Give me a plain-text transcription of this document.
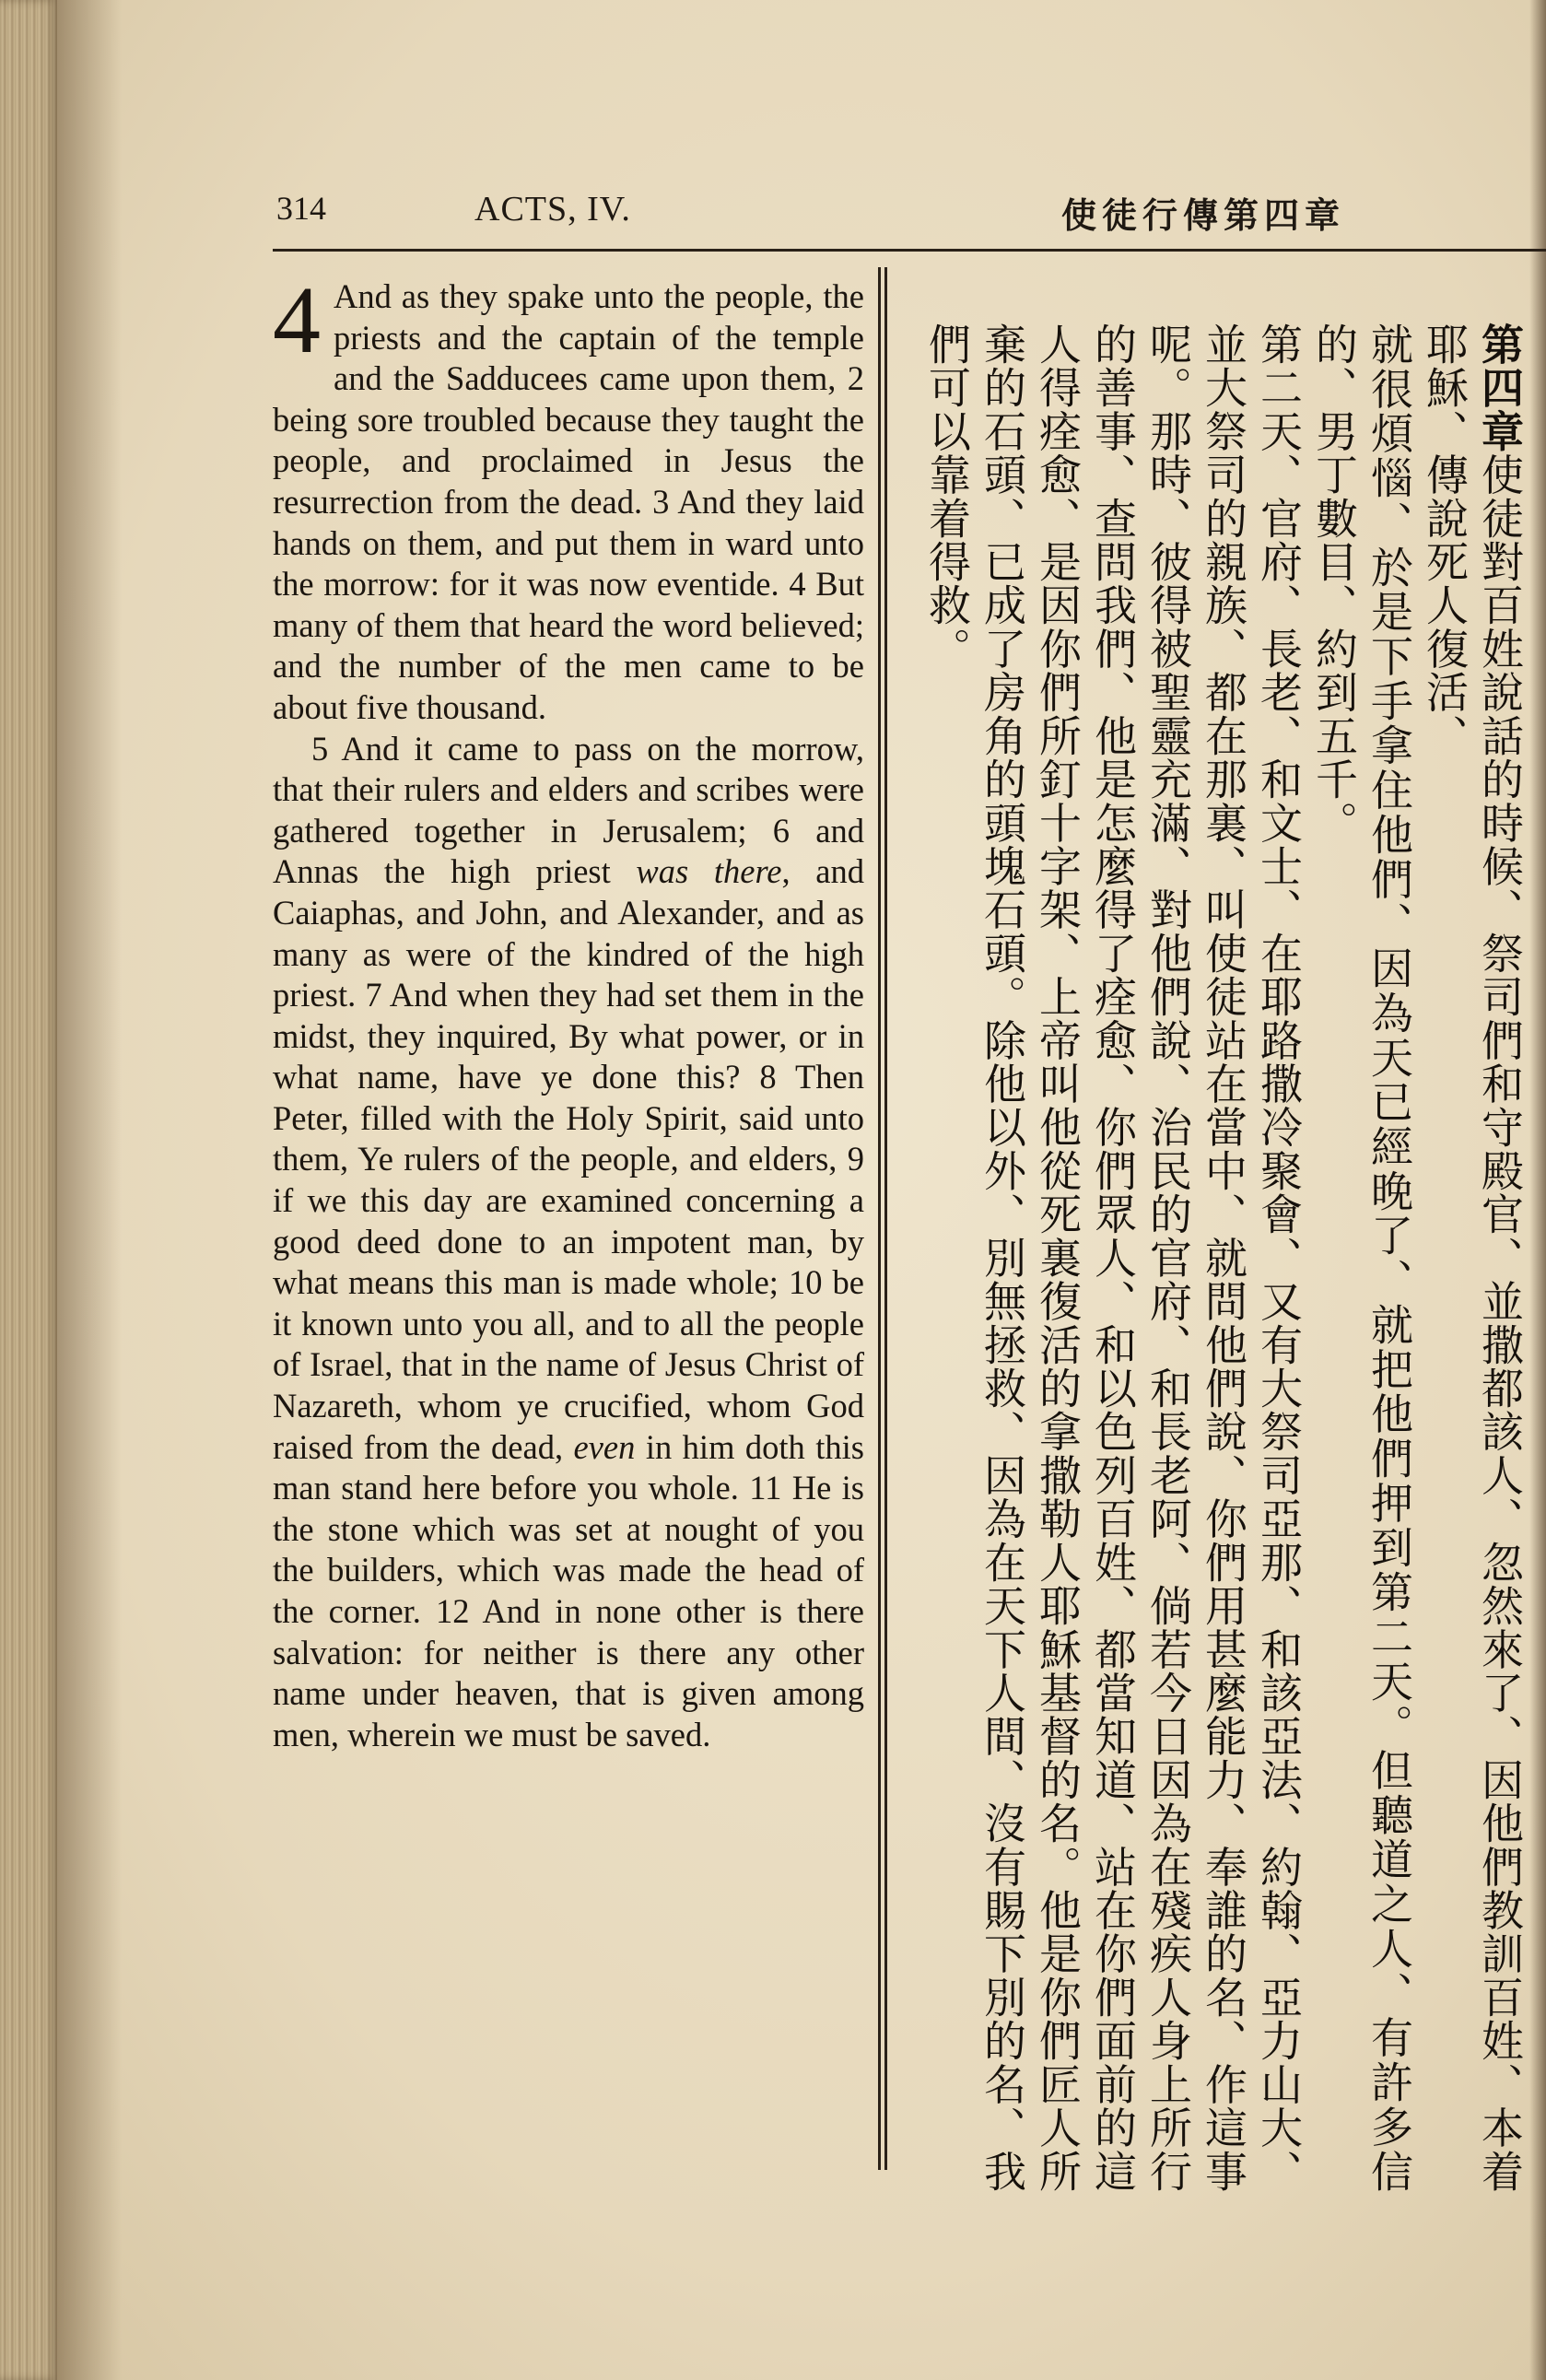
314	ACTS, IV.	使徒行傳第四章

4 And as they spake unto the people, the priests and the captain of the temple and the Sadducees came upon them, 2 being sore troubled because they taught the people, and proclaimed in Jesus the resurrection from the dead. 3 And they laid hands on them, and put them in ward unto the morrow: for it was now eventide. 4 But many of them that heard the word believed; and the number of the men came to be about five thousand.

5 And it came to pass on the morrow, that their rulers and elders and scribes were gathered together in Jerusalem; 6 and Annas the high priest was there, and Caiaphas, and John, and Alexander, and as many as were of the kindred of the high priest. 7 And when they had set them in the midst, they inquired, By what power, or in what name, have ye done this? 8 Then Peter, filled with the Holy Spirit, said unto them, Ye rulers of the people, and elders, 9 if we this day are examined concerning a good deed done to an impotent man, by what means this man is made whole; 10 be it known unto you all, and to all the people of Israel, that in the name of Jesus Christ of Nazareth, whom ye crucified, whom God raised from the dead, even in him doth this man stand here before you whole. 11 He is the stone which was set at nought of you the builders, which was made the head of the corner. 12 And in none other is there salvation: for neither is there any other name under heaven, that is given among men, wherein we must be saved.

第四章使徒對百姓說話的時候、祭司們和守殿官、並撒都該人、忽然來了、因他們教訓百姓、本着耶穌、傳說死人復活、

就很煩惱、於是下手拿住他們、因為天已經晚了、就把他們押到第二天。但聽道之人、有許多信的、男丁數目、約到五千。

第二天、官府、長老、和文士、在耶路撒冷聚會、又有大祭司亞那、和該亞法、約翰、亞力山大、並大祭司的親族、都在那裏、叫使徒站在當中、就問他們說、你們用甚麼能力、奉誰的名、作這事呢。那時、彼得被聖靈充滿、對他們說、治民的官府、和長老阿、倘若今日因為在殘疾人身上所行的善事、查問我們、他是怎麼得了痊愈、你們眾人、和以色列百姓、都當知道、站在你們面前的這人得痊愈、是因你們所釘十字架、上帝叫他從死裏復活的拿撒勒人耶穌基督的名。他是你們匠人所棄的石頭、已成了房角的頭塊石頭。除他以外、別無拯救、因為在天下人間、沒有賜下別的名、我們可以靠着得救。
